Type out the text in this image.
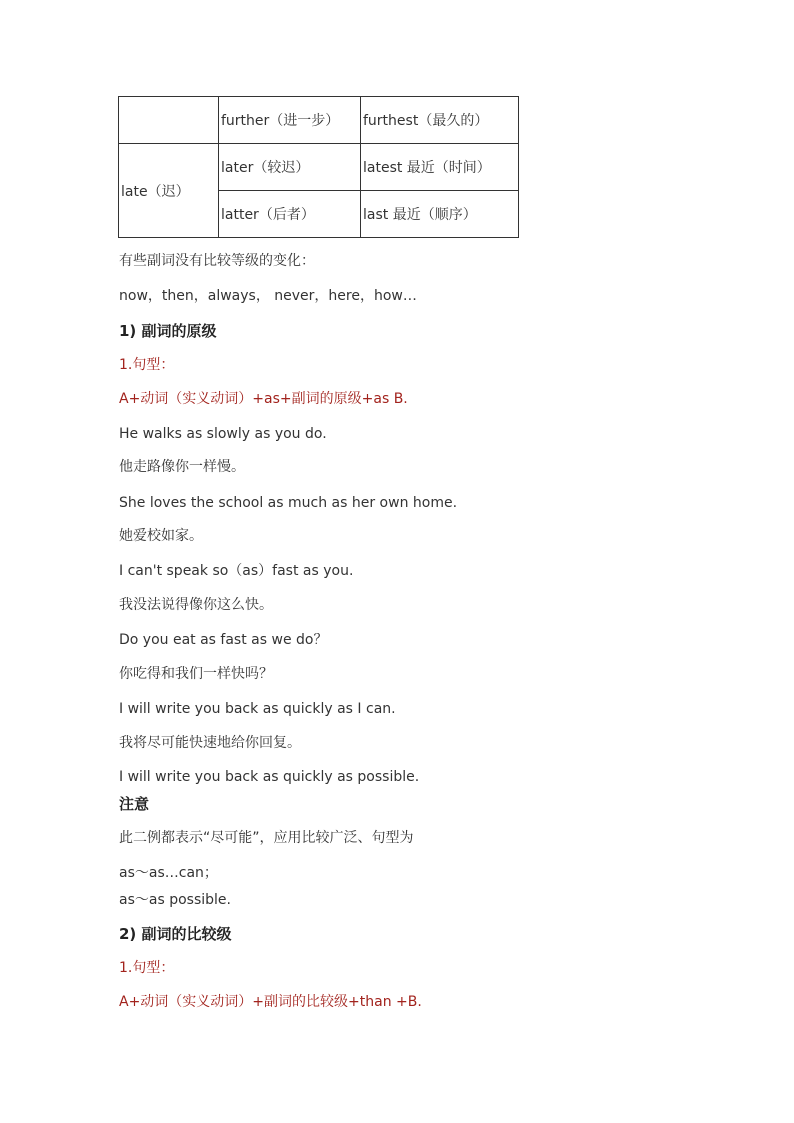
	further（进一步）	furthest（最久的）
late（迟）	later（较迟）	latest 最近（时间）
	latter（后者）	last 最近（顺序）
有些副词没有比较等级的变化：
now，then，always， never，here，how…
1) 副词的原级
1.句型：
A+动词（实义动词）+as+副词的原级+as B.
He walks as slowly as you do.
他走路像你一样慢。
She loves the school as much as her own home.
她爱校如家。
I can't speak so（as）fast as you.
我没法说得像你这么快。
Do you eat as fast as we do？
你吃得和我们一样快吗？
I will write you back as quickly as I can.
我将尽可能快速地给你回复。
I will write you back as quickly as possible.
注意
此二例都表示“尽可能”，应用比较广泛、句型为
as～as…can；
as～as possible.
2) 副词的比较级
1.句型：
A+动词（实义动词）+副词的比较级+than +B.
